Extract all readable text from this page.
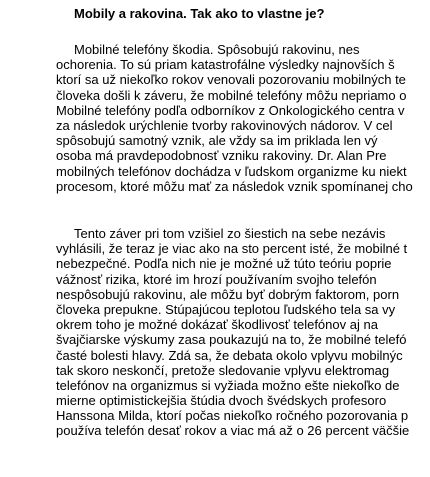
Mobily a rakovina. Tak ako to vlastne je?
Mobilné telefóny škodia. Spôsobujú rakovinu, nes
ochorenia. To sú priam katastrofálne výsledky najnovších š
ktorí sa už niekoľko rokov venovali pozorovaniu mobilných te
človeka došli k záveru, že mobilné telefóny môžu nepriamo o
Mobilné telefóny podľa odborníkov z Onkologického centra v
za následok urýchlenie tvorby rakovinových nádorov. V cel
spôsobujú samotný vznik, ale vždy sa im priklada len vý
osoba má pravdepodobnosť vzniku rakoviny. Dr. Alan Pre
mobilných telefónov dochádza v ľudskom organizme ku niekt
procesom, ktoré môžu mať za následok vznik spomínanej cho
Tento záver pri tom vzišiel zo šiestich na sebe nezávis
vyhlásili, že teraz je viac ako na sto percent isté, že mobilné t
nebezpečné. Podľa nich nie je možné už túto teóriu poprie
vážnosť rizika, ktoré im hrozí používaním svojho telefón
nespôsobujú rakovinu, ale môžu byť dobrým faktorom, porn
človeka prepukne. Stúpajúcou teplotou ľudského tela sa vy
okrem toho je možné dokázať škodlivosť telefónov aj na
švajčiarske výskumy zasa poukazujú na to, že mobilné telefó
časté bolesti hlavy. Zdá sa, že debata okolo vplyvu mobilnýc
tak skoro neskončí, pretože sledovanie vplyvu elektromag
telefónov na organizmus si vyžiada možno ešte niekoľko de
mierne optimistickejšia štúdia dvoch švédskych profesoro
Hanssona Milda, ktorí počas niekoľko ročného pozorovania p
používa telefón desať rokov a viac má až o 26 percent väčšie
